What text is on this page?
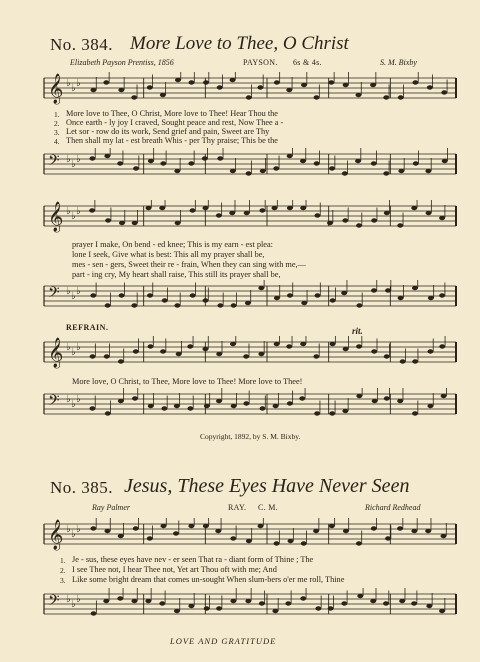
No. 384. More Love to Thee, O Christ
Elizabeth Payson Prentiss, 1856	PAYSON. 6s & 4s.	S. M. Bixby
𝄞 ♭ ♭ ♭
1.
2.
3.
4.
More love to Thee, O Christ, More love to Thee! Hear Thou the
Once earth - ly joy I craved, Sought peace and rest, Now Thee a -
Let sor - row do its work, Send grief and pain, Sweet are Thy
Then shall my lat - est breath Whis - per Thy praise; This be the
𝄢 ♭ ♭ ♭
𝄞 ♭ ♭ ♭
prayer I make, On bend - ed knee; This is my earn - est plea:
lone I seek, Give what is best: This all my prayer shall be,
mes - sen - gers, Sweet their re - frain, When they can sing with me,—
part - ing cry, My heart shall raise, This still its prayer shall be,
𝄢 ♭ ♭ ♭
REFRAIN.	rit.
𝄞 ♭ ♭ ♭
More love, O Christ, to Thee, More love to Thee! More love to Thee!
𝄢 ♭ ♭ ♭
Copyright, 1892, by S. M. Bixby.
No. 385. Jesus, These Eyes Have Never Seen
Ray Palmer	RAY. C. M.	Richard Redhead
𝄞 ♭ ♭ ♭
1.
2.
3.
Je - sus, these eyes have nev - er seen That ra - diant form of Thine ; The
I see Thee not, I hear Thee not, Yet art Thou oft with me; And
Like some bright dream that comes un-sought When slum-bers o'er me roll, Thine
𝄢 ♭ ♭ ♭
LOVE AND GRATITUDE
